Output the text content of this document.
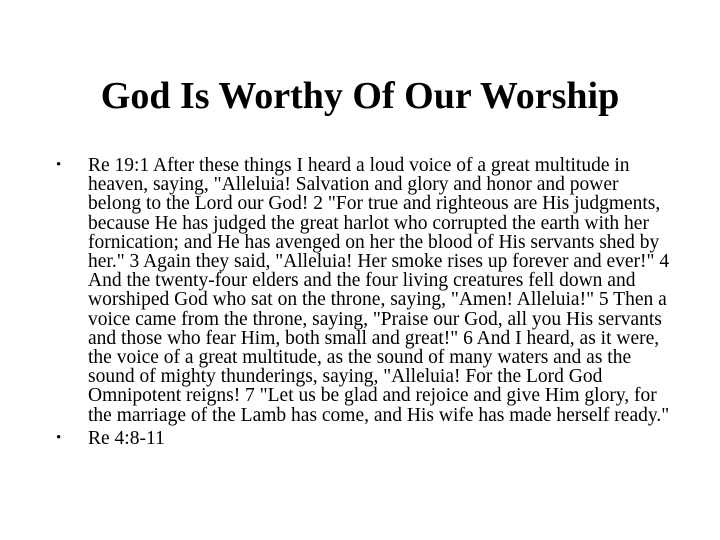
God Is Worthy Of Our Worship
• Re 19:1 After these things I heard a loud voice of a great multitude in heaven, saying, "Alleluia! Salvation and glory and honor and power belong to the Lord our God! 2 "For true and righteous are His judgments, because He has judged the great harlot who corrupted the earth with her fornication; and He has avenged on her the blood of His servants shed by her." 3 Again they said, "Alleluia! Her smoke rises up forever and ever!" 4 And the twenty-four elders and the four living creatures fell down and worshiped God who sat on the throne, saying, "Amen! Alleluia!" 5 Then a voice came from the throne, saying, "Praise our God, all you His servants and those who fear Him, both small and great!" 6 And I heard, as it were, the voice of a great multitude, as the sound of many waters and as the sound of mighty thunderings, saying, "Alleluia! For the Lord God Omnipotent reigns! 7 "Let us be glad and rejoice and give Him glory, for the marriage of the Lamb has come, and His wife has made herself ready."
• Re 4:8-11
